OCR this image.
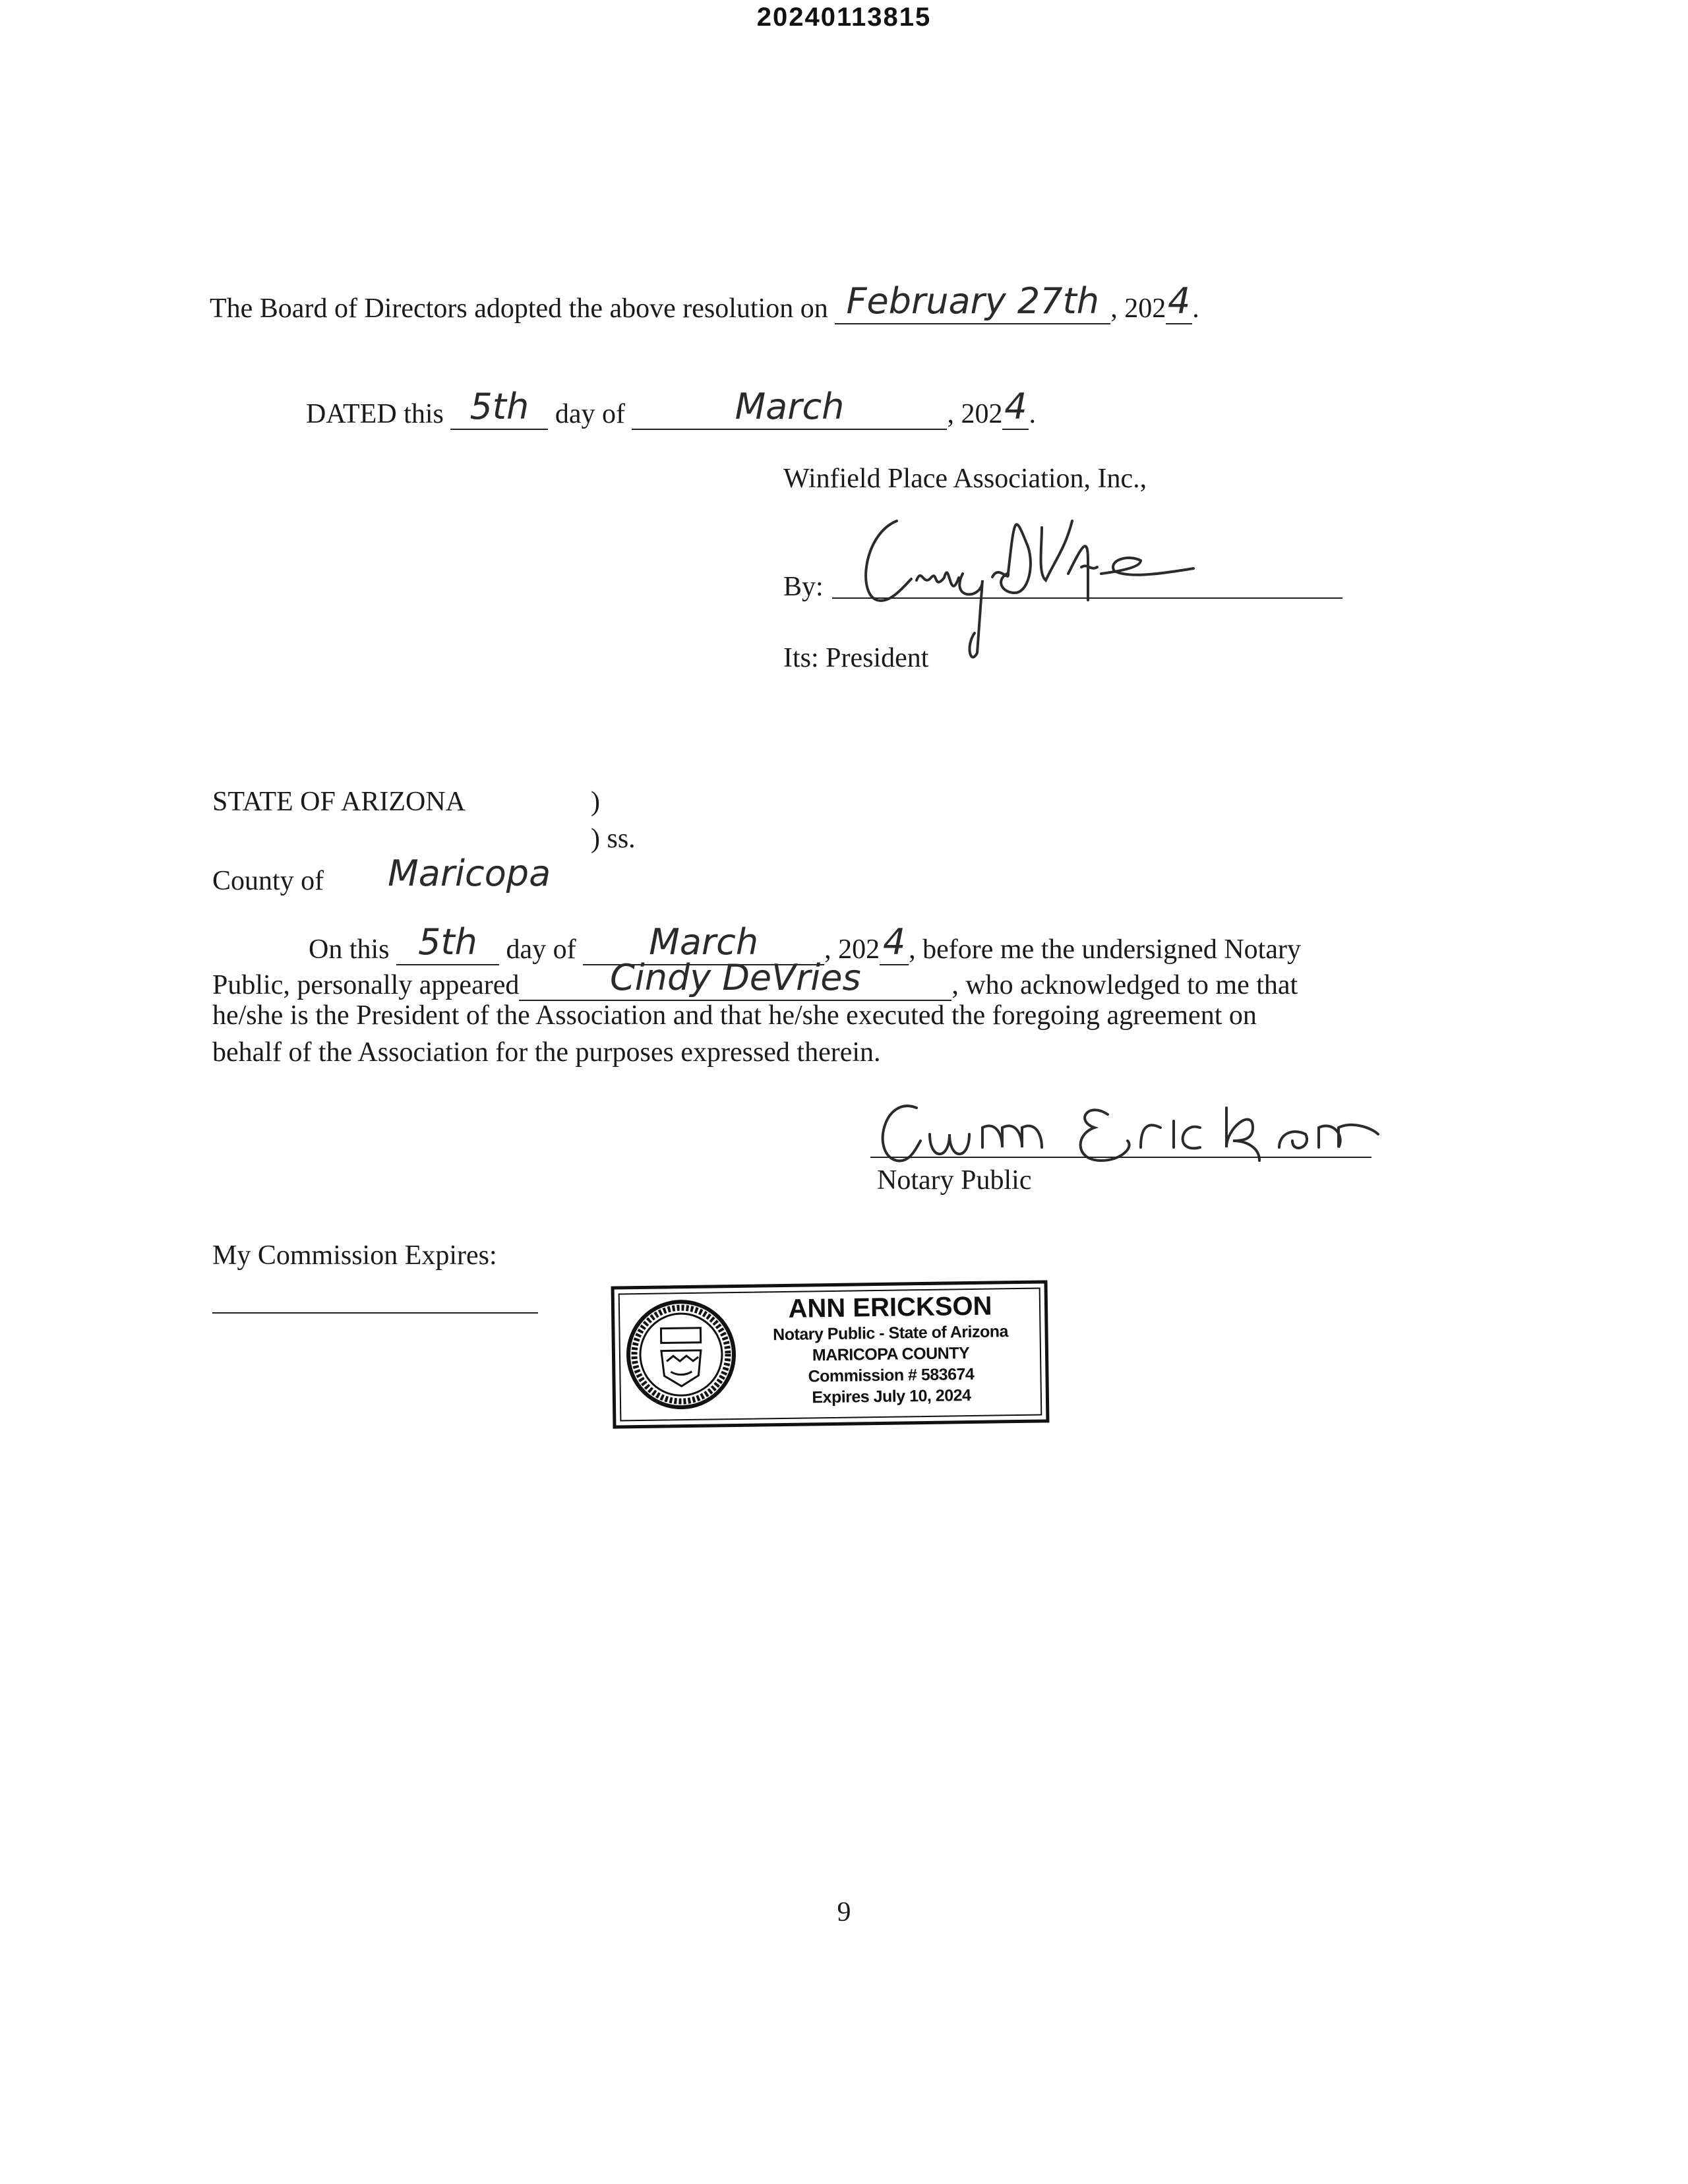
20240113815
The Board of Directors adopted the above resolution on February 27th , 2024.
DATED this 5th day of	March	, 2024.
Winfield Place Association, Inc.,
By:
Its: President
STATE OF ARIZONA	)
) ss.
County of Maricopa
On this 5th day of March , 2024 , before me the undersigned Notary
Public, personally appeared	Cindy DeVries	, who acknowledged to me that
he/she is the President of the Association and that he/she executed the foregoing agreement on
behalf of the Association for the purposes expressed therein.
Notary Public
My Commission Expires:
ANN ERICKSON
Notary Public - State of Arizona
MARICOPA COUNTY
Commission # 583674
Expires July 10, 2024
9
